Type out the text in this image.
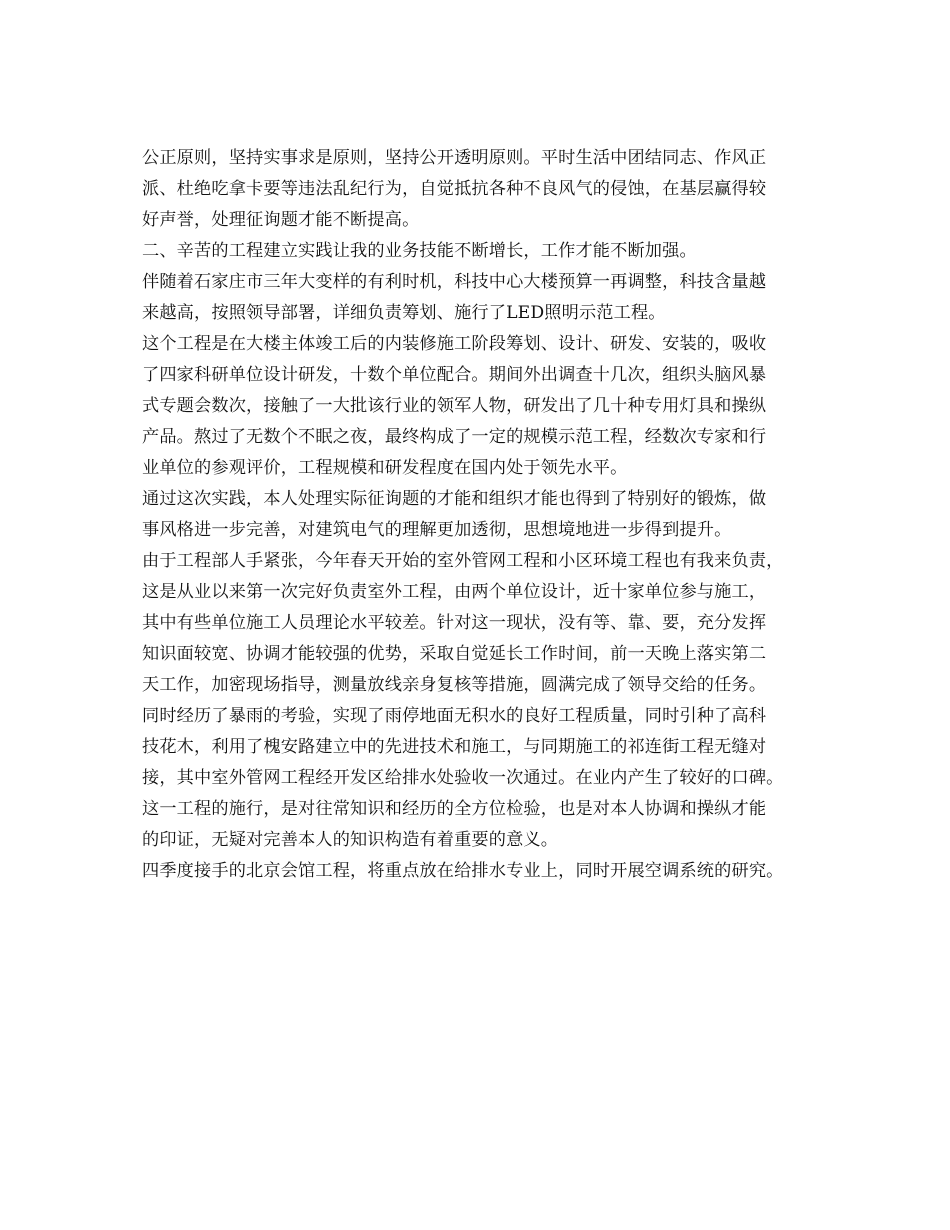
公正原则，坚持实事求是原则，坚持公开透明原则。平时生活中团结同志、作风正
派、杜绝吃拿卡要等违法乱纪行为，自觉抵抗各种不良风气的侵蚀，在基层赢得较
好声誉，处理征询题才能不断提高。
二、辛苦的工程建立实践让我的业务技能不断增长，工作才能不断加强。
伴随着石家庄市三年大变样的有利时机，科技中心大楼预算一再调整，科技含量越
来越高，按照领导部署，详细负责筹划、施行了LED照明示范工程。
这个工程是在大楼主体竣工后的内装修施工阶段筹划、设计、研发、安装的，吸收
了四家科研单位设计研发，十数个单位配合。期间外出调查十几次，组织头脑风暴
式专题会数次，接触了一大批该行业的领军人物，研发出了几十种专用灯具和操纵
产品。熬过了无数个不眠之夜，最终构成了一定的规模示范工程，经数次专家和行
业单位的参观评价，工程规模和研发程度在国内处于领先水平。
通过这次实践，本人处理实际征询题的才能和组织才能也得到了特别好的锻炼，做
事风格进一步完善，对建筑电气的理解更加透彻，思想境地进一步得到提升。
由于工程部人手紧张，今年春天开始的室外管网工程和小区环境工程也有我来负责，
这是从业以来第一次完好负责室外工程，由两个单位设计，近十家单位参与施工，
其中有些单位施工人员理论水平较差。针对这一现状，没有等、靠、要，充分发挥
知识面较宽、协调才能较强的优势，采取自觉延长工作时间，前一天晚上落实第二
天工作，加密现场指导，测量放线亲身复核等措施，圆满完成了领导交给的任务。
同时经历了暴雨的考验，实现了雨停地面无积水的良好工程质量，同时引种了高科
技花木，利用了槐安路建立中的先进技术和施工，与同期施工的祁连街工程无缝对
接，其中室外管网工程经开发区给排水处验收一次通过。在业内产生了较好的口碑。
这一工程的施行，是对往常知识和经历的全方位检验，也是对本人协调和操纵才能
的印证，无疑对完善本人的知识构造有着重要的意义。
四季度接手的北京会馆工程，将重点放在给排水专业上，同时开展空调系统的研究。
